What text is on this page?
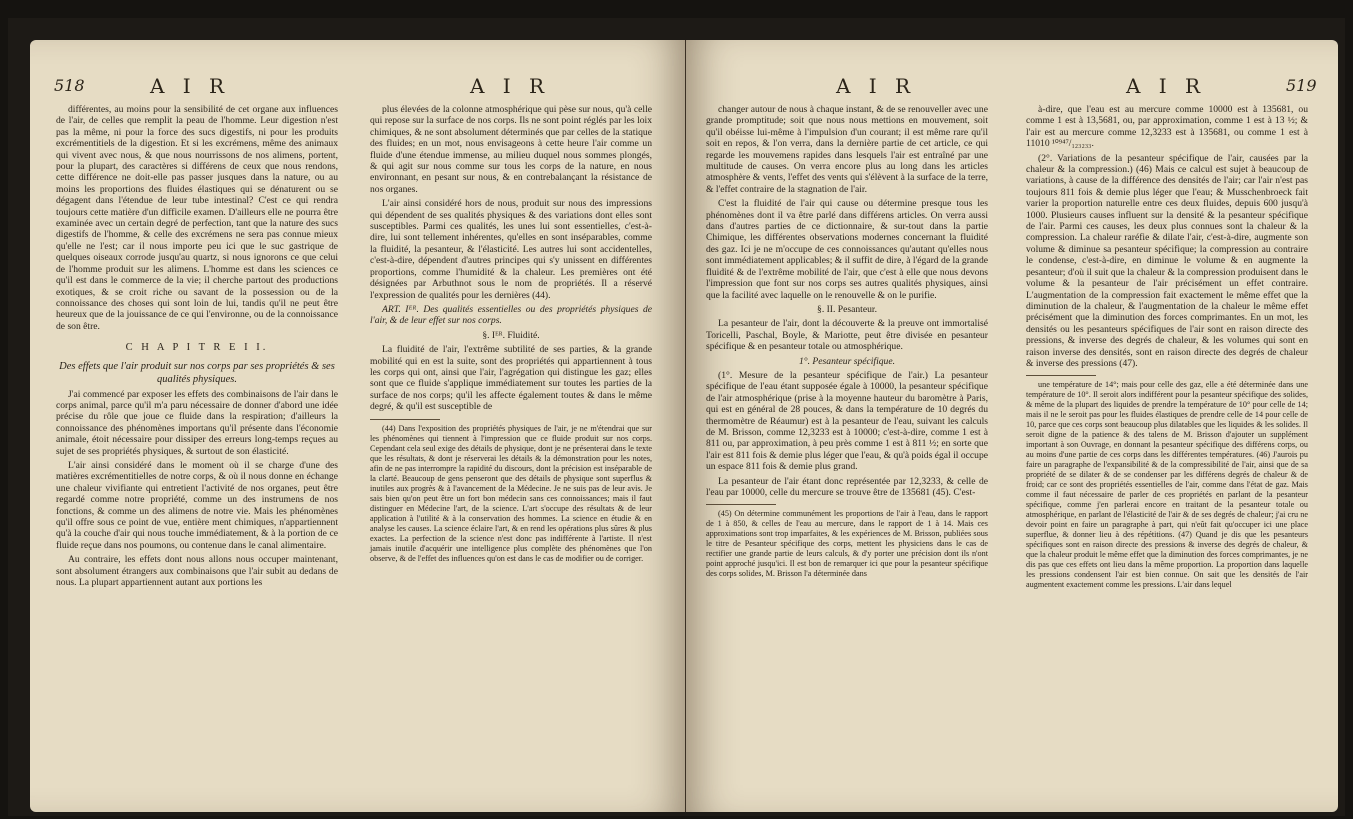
518	A I R	A I R

différentes, au moins pour la sensibilité de cet organe aux influences de l'air, de celles que remplit la peau de l'homme. Leur digestion n'est pas la même, ni pour la force des sucs digestifs, ni pour les produits excrémentitiels de la digestion. Et si les excrémens, même des animaux qui vivent avec nous, & que nous nourrissons de nos alimens, portent, pour la plupart, des caractères si différens de ceux que nous rendons, cette différence ne doit-elle pas passer jusques dans la nature, ou au moins les proportions des fluides élastiques qui se dénaturent ou se dégagent dans l'étendue de leur tube intestinal? C'est ce qui rendra toujours cette matière d'un difficile examen. D'ailleurs elle ne pourra être examinée avec un certain degré de perfection, tant que la nature des sucs digestifs de l'homme, & celle des excrémens ne sera pas connue mieux qu'elle ne l'est; car il nous importe peu ici que le suc gastrique de quelques oiseaux corrode jusqu'au quartz, si nous ignorons ce que celui de l'homme produit sur les alimens. L'homme est dans les sciences ce qu'il est dans le commerce de la vie; il cherche partout des productions exotiques, & se croit riche ou savant de la possession ou de la connoissance des choses qui sont loin de lui, tandis qu'il ne peut être heureux que de la jouissance de ce qui l'environne, ou de la connoissance de son être.

C H A P I T R E I I.

Des effets que l'air produit sur nos corps par ses propriétés & ses qualités physiques.

J'ai commencé par exposer les effets des combinaisons de l'air dans le corps animal, parce qu'il m'a paru nécessaire de donner d'abord une idée précise du rôle que joue ce fluide dans la respiration; d'ailleurs la connoissance des phénomènes importans qu'il présente dans l'économie animale, étoit nécessaire pour dissiper des erreurs long-temps reçues au sujet de ses propriétés physiques, & surtout de son élasticité.

L'air ainsi considéré dans le moment où il se charge d'une des matières excrémentitielles de notre corps, & où il nous donne en échange une chaleur vivifiante qui entretient l'activité de nos organes, peut être regardé comme notre propriété, comme un des instrumens de nos fonctions, & comme un des alimens de notre vie. Mais les phénomènes qu'il offre sous ce point de vue, entière ment chimiques, n'appartiennent qu'à la couche d'air qui nous touche immédiatement, & à la portion de ce fluide reçue dans nos poumons, ou contenue dans le canal alimentaire.

Au contraire, les effets dont nous allons nous occuper maintenant, sont absolument étrangers aux combinaisons que l'air subit au dedans de nous. La plupart appartiennent autant aux portions les

plus élevées de la colonne atmosphérique qui pèse sur nous, qu'à celle qui repose sur la surface de nos corps. Ils ne sont point réglés par les loix chimiques, & ne sont absolument déterminés que par celles de la statique des fluides; en un mot, nous envisageons à cette heure l'air comme un fluide d'une étendue immense, au milieu duquel nous sommes plongés, & qui agit sur nous comme sur tous les corps de la nature, en nous environnant, en pesant sur nous, & en contrebalançant la résistance de nos organes.

L'air ainsi considéré hors de nous, produit sur nous des impressions qui dépendent de ses qualités physiques & des variations dont elles sont susceptibles. Parmi ces qualités, les unes lui sont essentielles, c'est-à-dire, lui sont tellement inhérentes, qu'elles en sont inséparables, comme la fluidité, la pesanteur, & l'élasticité. Les autres lui sont accidentelles, c'est-à-dire, dépendent d'autres principes qui s'y unissent en différentes proportions, comme l'humidité & la chaleur. Les premières ont été désignées par Arbuthnot sous le nom de propriétés. Il a réservé l'expression de qualités pour les dernières (44).

ART. Iᴱᴿ. Des qualités essentielles ou des propriétés physiques de l'air, & de leur effet sur nos corps.

§. Iᴱᴿ. Fluidité.

La fluidité de l'air, l'extrême subtilité de ses parties, & la grande mobilité qui en est la suite, sont des propriétés qui appartiennent à tous les corps qui ont, ainsi que l'air, l'agrégation qui distingue les gaz; elles sont que ce fluide s'applique immédiatement sur toutes les parties de la surface de nos corps; qu'il les affecte également toutes & dans le même degré, & qu'il est susceptible de

(44) Dans l'exposition des propriétés physiques de l'air, je ne m'étendrai que sur les phénomènes qui tiennent à l'impression que ce fluide produit sur nos corps. Cependant cela seul exige des détails de physique, dont je ne présenterai dans le texte que les résultats, & dont je réserverai les détails & la démonstration pour les notes, afin de ne pas interrompre la rapidité du discours, dont la précision est inséparable de la clarté. Beaucoup de gens penseront que des détails de physique sont superflus & inutiles aux progrès & à l'avancement de la Médecine. Je ne suis pas de leur avis. Je sais bien qu'on peut être un fort bon médecin sans ces connoissances; mais il faut distinguer en Médecine l'art, de la science. L'art s'occupe des résultats & de leur application à l'utilité & à la conservation des hommes. La science en étudie & en analyse les causes. La science éclaire l'art, & en rend les opérations plus sûres & plus exactes. La perfection de la science n'est donc pas indifférente à l'artiste. Il n'est jamais inutile d'acquérir une intelligence plus complète des phénomènes que l'on observe, & de l'effet des influences qu'on est dans le cas de modifier ou de corriger.

A I R	A I R	519

changer autour de nous à chaque instant, & de se renouveller avec une grande promptitude; soit que nous nous mettions en mouvement, soit qu'il obéisse lui-même à l'impulsion d'un courant; il est même rare qu'il soit en repos, & l'on verra, dans la dernière partie de cet article, ce qui regarde les mouvemens rapides dans lesquels l'air est entraîné par une multitude de causes. On verra encore plus au long dans les articles atmosphère & vents, l'effet des vents qui s'élèvent à la surface de la terre, & l'effet contraire de la stagnation de l'air.

C'est la fluidité de l'air qui cause ou détermine presque tous les phénomènes dont il va être parlé dans différens articles. On verra aussi dans d'autres parties de ce dictionnaire, & sur-tout dans la partie Chimique, les différentes observations modernes concernant la fluidité des gaz. Ici je ne m'occupe de ces connoissances qu'autant qu'elles nous sont immédiatement applicables; & il suffit de dire, à l'égard de la grande fluidité & de l'extrême mobilité de l'air, que c'est à elle que nous devons l'impression que font sur nos corps ses autres qualités physiques, ainsi que la facilité avec laquelle on le renouvelle & on le purifie.

§. II. Pesanteur.

La pesanteur de l'air, dont la découverte & la preuve ont immortalisé Toricelli, Paschal, Boyle, & Mariotte, peut être divisée en pesanteur spécifique & en pesanteur totale ou atmosphérique.

1°. Pesanteur spécifique.

(1°. Mesure de la pesanteur spécifique de l'air.) La pesanteur spécifique de l'eau étant supposée égale à 10000, la pesanteur spécifique de l'air atmosphérique (prise à la moyenne hauteur du baromètre à Paris, qui est en général de 28 pouces, & dans la température de 10 degrés du thermomètre de Réaumur) est à la pesanteur de l'eau, suivant les calculs de M. Brisson, comme 12,3233 est à 10000; c'est-à-dire, comme 1 est à 811 ou, par approximation, à peu près comme 1 est à 811 ½; en sorte que l'air est 811 fois & demie plus léger que l'eau, & qu'à poids égal il occupe un espace 811 fois & demie plus grand.

La pesanteur de l'air étant donc représentée par 12,3233, & celle de l'eau par 10000, celle du mercure se trouve être de 135681 (45). C'est-

(45) On détermine communément les proportions de l'air à l'eau, dans le rapport de 1 à 850, & celles de l'eau au mercure, dans le rapport de 1 à 14. Mais ces approximations sont trop imparfaites, & les expériences de M. Brisson, publiées sous le titre de Pesanteur spécifique des corps, mettent les physiciens dans le cas de rectifier une grande partie de leurs calculs, & d'y porter une précision dont ils n'ont point approché jusqu'ici. Il est bon de remarquer ici que pour la pesanteur spécifique des corps solides, M. Brisson l'a déterminée dans

à-dire, que l'eau est au mercure comme 10000 est à 135681, ou comme 1 est à 13,5681, ou, par approximation, comme 1 est à 13 ½; & l'air est au mercure comme 12,3233 est à 135681, ou comme 1 est à 11010 ¹⁰⁹⁴⁷/₁₂₃₂₃₃.

(2°. Variations de la pesanteur spécifique de l'air, causées par la chaleur & la compression.) (46) Mais ce calcul est sujet à beaucoup de variations, à cause de la différence des densités de l'air; car l'air n'est pas toujours 811 fois & demie plus léger que l'eau; & Musschenbroeck fait varier la proportion naturelle entre ces deux fluides, depuis 600 jusqu'à 1000. Plusieurs causes influent sur la densité & la pesanteur spécifique de l'air. Parmi ces causes, les deux plus connues sont la chaleur & la compression. La chaleur raréfie & dilate l'air, c'est-à-dire, augmente son volume & diminue sa pesanteur spécifique; la compression au contraire le condense, c'est-à-dire, en diminue le volume & en augmente la pesanteur; d'où il suit que la chaleur & la compression produisent dans le volume & la pesanteur de l'air précisément un effet contraire. L'augmentation de la compression fait exactement le même effet que la diminution de la chaleur, & l'augmentation de la chaleur le même effet précisément que la diminution des forces comprimantes. En un mot, les densités ou les pesanteurs spécifiques de l'air sont en raison directe des pressions, & inverse des degrés de chaleur, & les volumes qui sont en raison inverse des densités, sont en raison directe des degrés de chaleur & inverse des pressions (47).

une température de 14°; mais pour celle des gaz, elle a été déterminée dans une température de 10°. Il seroit alors indifférent pour la pesanteur spécifique des solides, & même de la plupart des liquides de prendre la température de 10° pour celle de 14; mais il ne le seroit pas pour les fluides élastiques de prendre celle de 14 pour celle de 10, parce que ces corps sont beaucoup plus dilatables que les liquides & les solides. Il seroit digne de la patience & des talens de M. Brisson d'ajouter un supplément important à son Ouvrage, en donnant la pesanteur spécifique des différens corps, ou au moins d'une partie de ces corps dans les différentes températures. (46) J'aurois pu faire un paragraphe de l'expansibilité & de la compressibilité de l'air, ainsi que de sa propriété de se dilater & de se condenser par les différens degrés de chaleur & de froid; car ce sont des propriétés essentielles de l'air, comme dans l'état de gaz. Mais comme il faut nécessaire de parler de ces propriétés en parlant de la pesanteur spécifique, comme j'en parlerai encore en traitant de la pesanteur totale ou atmosphérique, en parlant de l'élasticité de l'air & de ses degrés de chaleur; j'ai cru ne devoir point en faire un paragraphe à part, qui n'eût fait qu'occuper ici une place superflue, & donner lieu à des répétitions. (47) Quand je dis que les pesanteurs spécifiques sont en raison directe des pressions & inverse des degrés de chaleur, & que la chaleur produit le même effet que la diminution des forces comprimantes, je ne dis pas que ces effets ont lieu dans la même proportion. La proportion dans laquelle les pressions condensent l'air est bien connue. On sait que les densités de l'air augmentent exactement comme les pressions. L'air dans lequel
